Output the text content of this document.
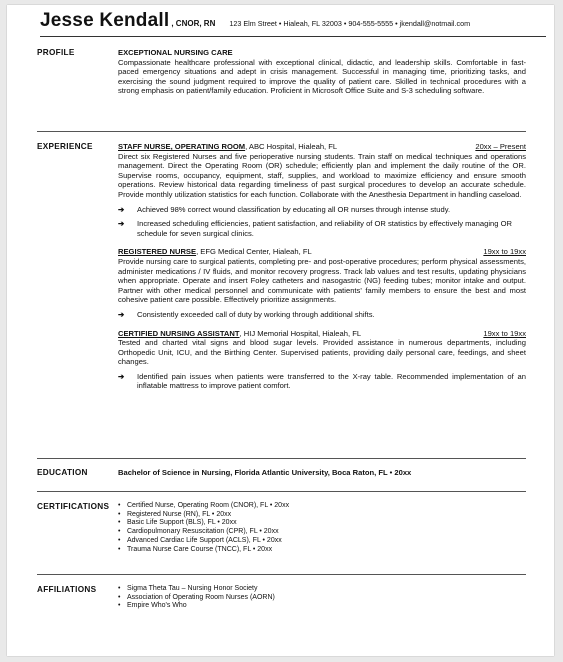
Jesse Kendall , CNOR, RN 123 Elm Street • Hialeah, FL 32003 • 904-555-5555 • jkendall@notmail.com
PROFILE	EXCEPTIONAL NURSING CARE
Compassionate healthcare professional with exceptional clinical, didactic, and leadership skills. Comfortable in fast-paced emergency situations and adept in crisis management. Successful in managing time, prioritizing tasks, and exercising the sound judgment required to improve the quality of patient care. Skilled in technical procedures with a strong emphasis on patient/family education. Proficient in Microsoft Office Suite and S-3 scheduling software.
EXPERIENCE	STAFF NURSE, OPERATING ROOM, ABC Hospital, Hialeah, FL	20xx – Present
Direct six Registered Nurses and five perioperative nursing students. Train staff on medical techniques and operations management. Direct the Operating Room (OR) schedule; efficiently plan and implement the daily routine of the OR. Supervise rooms, occupancy, equipment, staff, supplies, and workload to maximize efficiency and ensure smooth operations. Review historical data regarding timeliness of past surgical procedures to develop an accurate schedule. Provide monthly utilization statistics for each function. Collaborate with the Anesthesia Department in handling caseload.
➔	Achieved 98% correct wound classification by educating all OR nurses through intense study.
➔	Increased scheduling efficiencies, patient satisfaction, and reliability of OR statistics by effectively managing OR schedule for seven surgical clinics.
REGISTERED NURSE, EFG Medical Center, Hialeah, FL	19xx to 19xx
Provide nursing care to surgical patients, completing pre- and post-operative procedures; perform physical assessments, administer medications / IV fluids, and monitor recovery progress. Track lab values and test results, updating physicians when appropriate. Operate and insert Foley catheters and nasogastric (NG) feeding tubes; monitor intake and output. Partner with other medical personnel and communicate with patients' family members to ensure the best and most cohesive patient care possible. Effectively prioritize assignments.
➔	Consistently exceeded call of duty by working through additional shifts.
CERTIFIED NURSING ASSISTANT, HIJ Memorial Hospital, Hialeah, FL	19xx to 19xx
Tested and charted vital signs and blood sugar levels. Provided assistance in numerous departments, including Orthopedic Unit, ICU, and the Birthing Center. Supervised patients, providing daily personal care, feedings, and sheet changes.
➔	Identified pain issues when patients were transferred to the X-ray table. Recommended implementation of an inflatable mattress to improve patient comfort.
EDUCATION	Bachelor of Science in Nursing, Florida Atlantic University, Boca Raton, FL • 20xx
CERTIFICATIONS	• Certified Nurse, Operating Room (CNOR), FL • 20xx
• Registered Nurse (RN), FL • 20xx
• Basic Life Support (BLS), FL • 20xx
• Cardiopulmonary Resuscitation (CPR), FL • 20xx
• Advanced Cardiac Life Support (ACLS), FL • 20xx
• Trauma Nurse Care Course (TNCC), FL • 20xx
AFFILIATIONS	• Sigma Theta Tau – Nursing Honor Society
• Association of Operating Room Nurses (AORN)
• Empire Who's Who
